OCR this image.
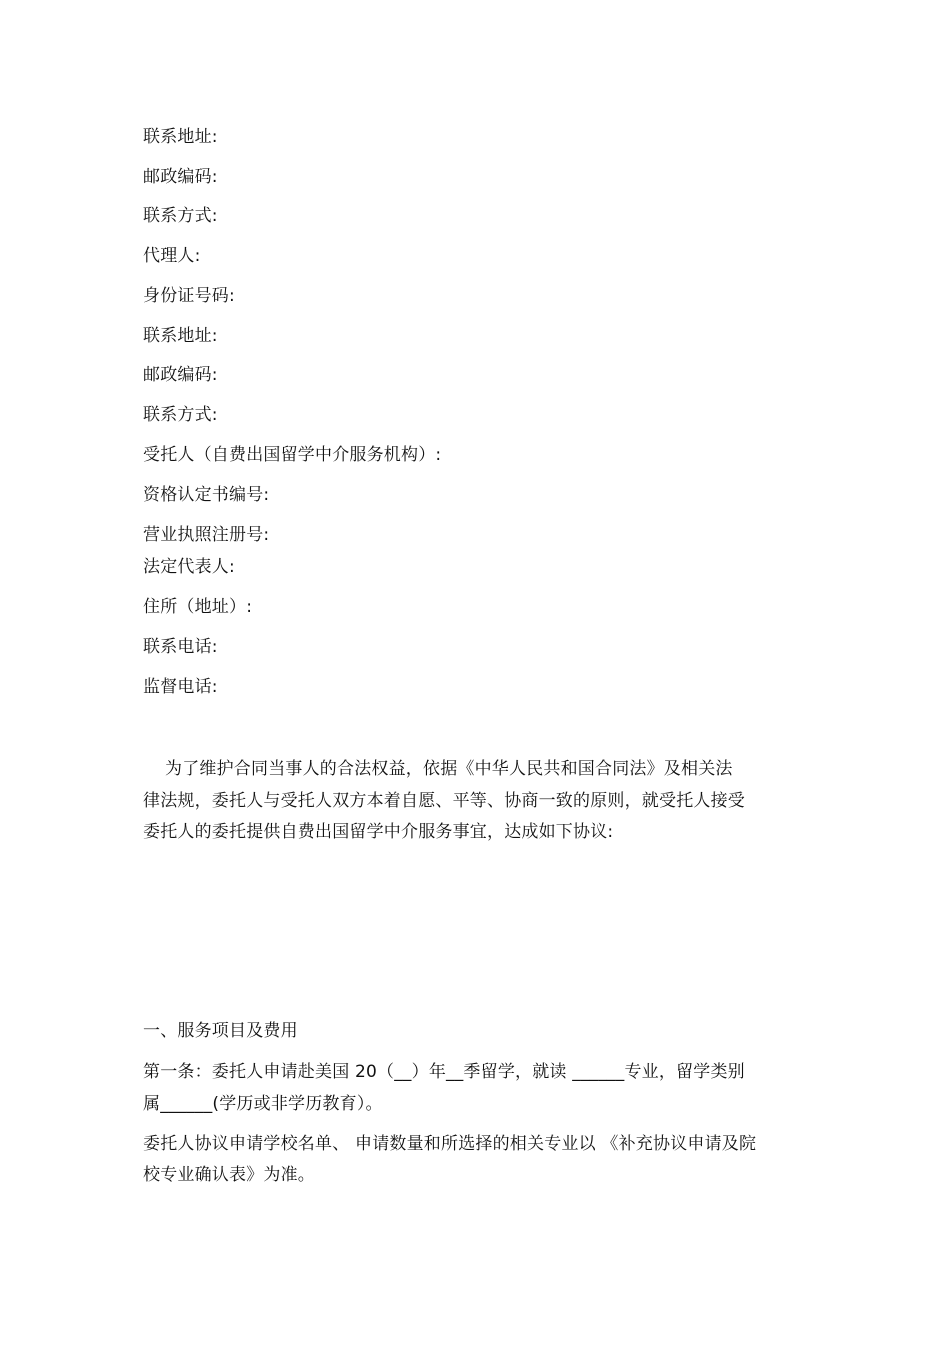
联系地址:
邮政编码:
联系方式:
代理人:
身份证号码:
联系地址:
邮政编码:
联系方式:
受托人（自费出国留学中介服务机构）:
资格认定书编号:
营业执照注册号:
法定代表人:
住所（地址）:
联系电话:
监督电话:
为了维护合同当事人的合法权益，依据《中华人民共和国合同法》及相关法
律法规，委托人与受托人双方本着自愿、平等、协商一致的原则，就受托人接受
委托人的委托提供自费出国留学中介服务事宜，达成如下协议:
一、服务项目及费用
第一条：委托人申请赴美国 20（__）年__季留学，就读 ______专业，留学类别
属______(学历或非学历教育）。
委托人协议申请学校名单、 申请数量和所选择的相关专业以 《补充协议申请及院
校专业确认表》为准。
